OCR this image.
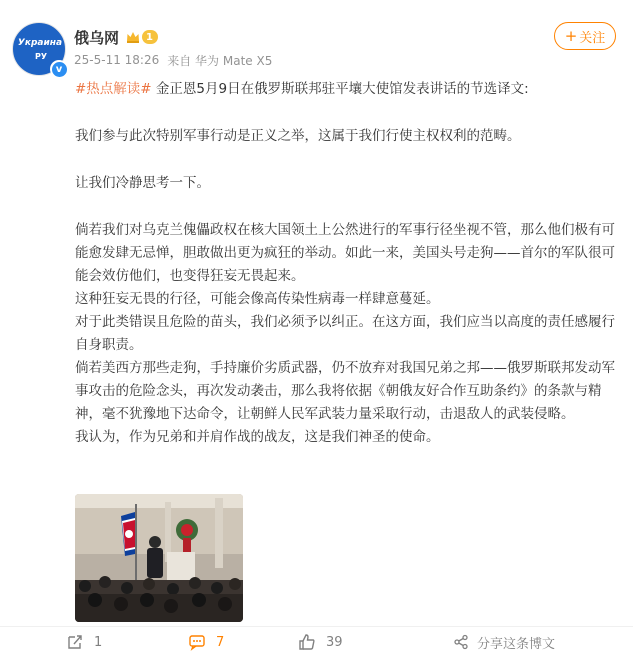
Украина
РУ
v
俄乌网	1
25-5-11 18:26 来自 华为 Mate X5
+ 关注
#热点解读# 金正恩5月9日在俄罗斯联邦驻平壤大使馆发表讲话的节选译文:
我们参与此次特别军事行动是正义之举，这属于我们行使主权权利的范畴。
让我们冷静思考一下。
倘若我们对乌克兰傀儡政权在核大国领土上公然进行的军事行径坐视不管，那么他们极有可能愈发肆无忌惮，胆敢做出更为疯狂的举动。如此一来，美国头号走狗——首尔的军队很可能会效仿他们，也变得狂妄无畏起来。
这种狂妄无畏的行径，可能会像高传染性病毒一样肆意蔓延。
对于此类错误且危险的苗头，我们必须予以纠正。在这方面，我们应当以高度的责任感履行自身职责。
倘若美西方那些走狗，手持廉价劣质武器，仍不放弃对我国兄弟之邦——俄罗斯联邦发动军事攻击的危险念头，再次发动袭击，那么我将依据《朝俄友好合作互助条约》的条款与精神，毫不犹豫地下达命令，让朝鲜人民军武装力量采取行动，击退敌人的武装侵略。
我认为，作为兄弟和并肩作战的战友，这是我们神圣的使命。
1	7	39	分享这条博文
